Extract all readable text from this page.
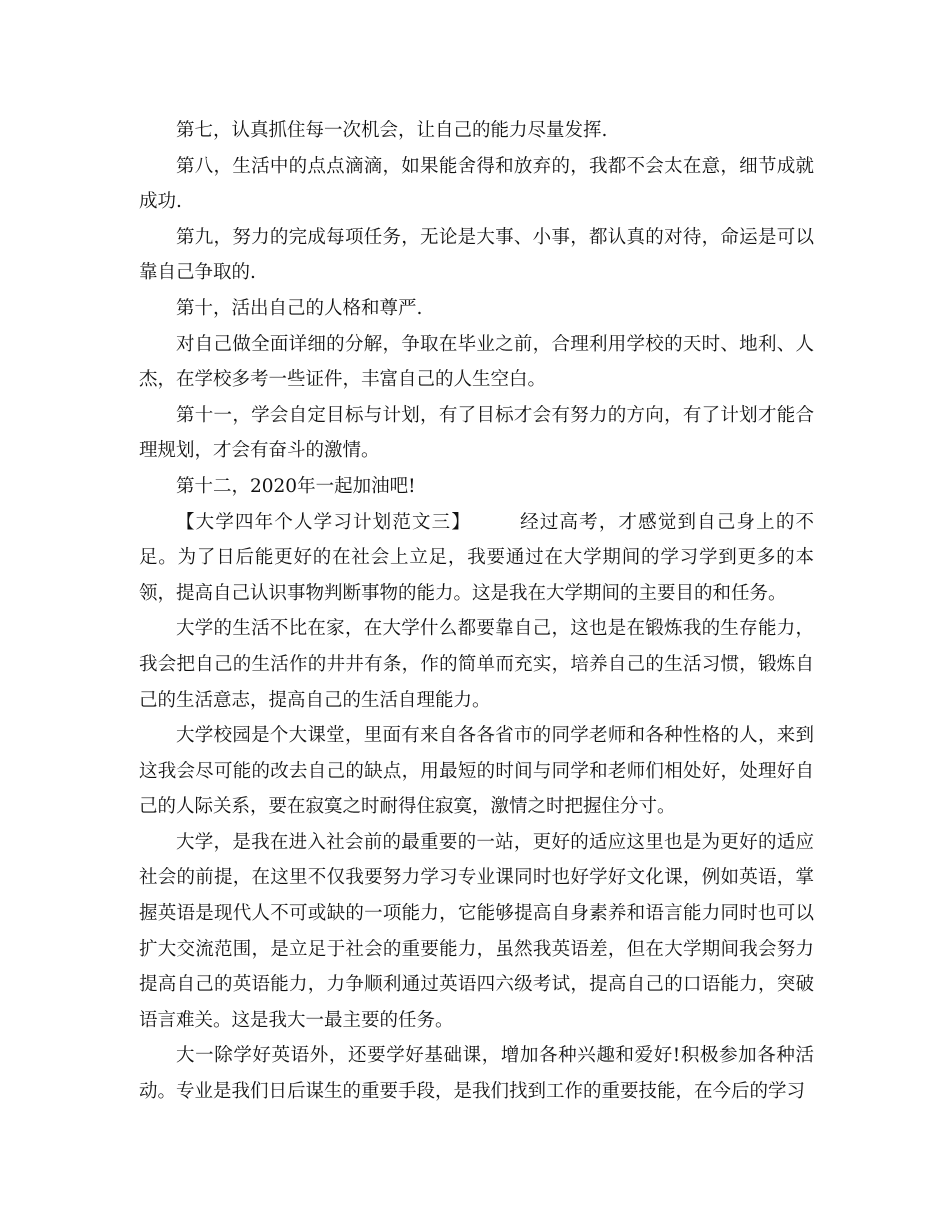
第七，认真抓住每一次机会，让自己的能力尽量发挥.

第八，生活中的点点滴滴，如果能舍得和放弃的，我都不会太在意，细节成就成功.

第九，努力的完成每项任务，无论是大事、小事，都认真的对待，命运是可以靠自己争取的.

第十，活出自己的人格和尊严.

对自己做全面详细的分解，争取在毕业之前，合理利用学校的天时、地利、人杰，在学校多考一些证件，丰富自己的人生空白。

第十一，学会自定目标与计划，有了目标才会有努力的方向，有了计划才能合理规划，才会有奋斗的激情。

第十二，2020年一起加油吧!

【大学四年个人学习计划范文三】	经过高考，才感觉到自己身上的不足。为了日后能更好的在社会上立足，我要通过在大学期间的学习学到更多的本领，提高自己认识事物判断事物的能力。这是我在大学期间的主要目的和任务。

大学的生活不比在家，在大学什么都要靠自己，这也是在锻炼我的生存能力，我会把自己的生活作的井井有条，作的简单而充实，培养自己的生活习惯，锻炼自己的生活意志，提高自己的生活自理能力。

大学校园是个大课堂，里面有来自各各省市的同学老师和各种性格的人，来到这我会尽可能的改去自己的缺点，用最短的时间与同学和老师们相处好，处理好自己的人际关系，要在寂寞之时耐得住寂寞，激情之时把握住分寸。

大学，是我在进入社会前的最重要的一站，更好的适应这里也是为更好的适应社会的前提，在这里不仅我要努力学习专业课同时也好学好文化课，例如英语，掌握英语是现代人不可或缺的一项能力，它能够提高自身素养和语言能力同时也可以扩大交流范围，是立足于社会的重要能力，虽然我英语差，但在大学期间我会努力提高自己的英语能力，力争顺利通过英语四六级考试，提高自己的口语能力，突破语言难关。这是我大一最主要的任务。

大一除学好英语外，还要学好基础课，增加各种兴趣和爱好!积极参加各种活动。专业是我们日后谋生的重要手段，是我们找到工作的重要技能，在今后的学习
